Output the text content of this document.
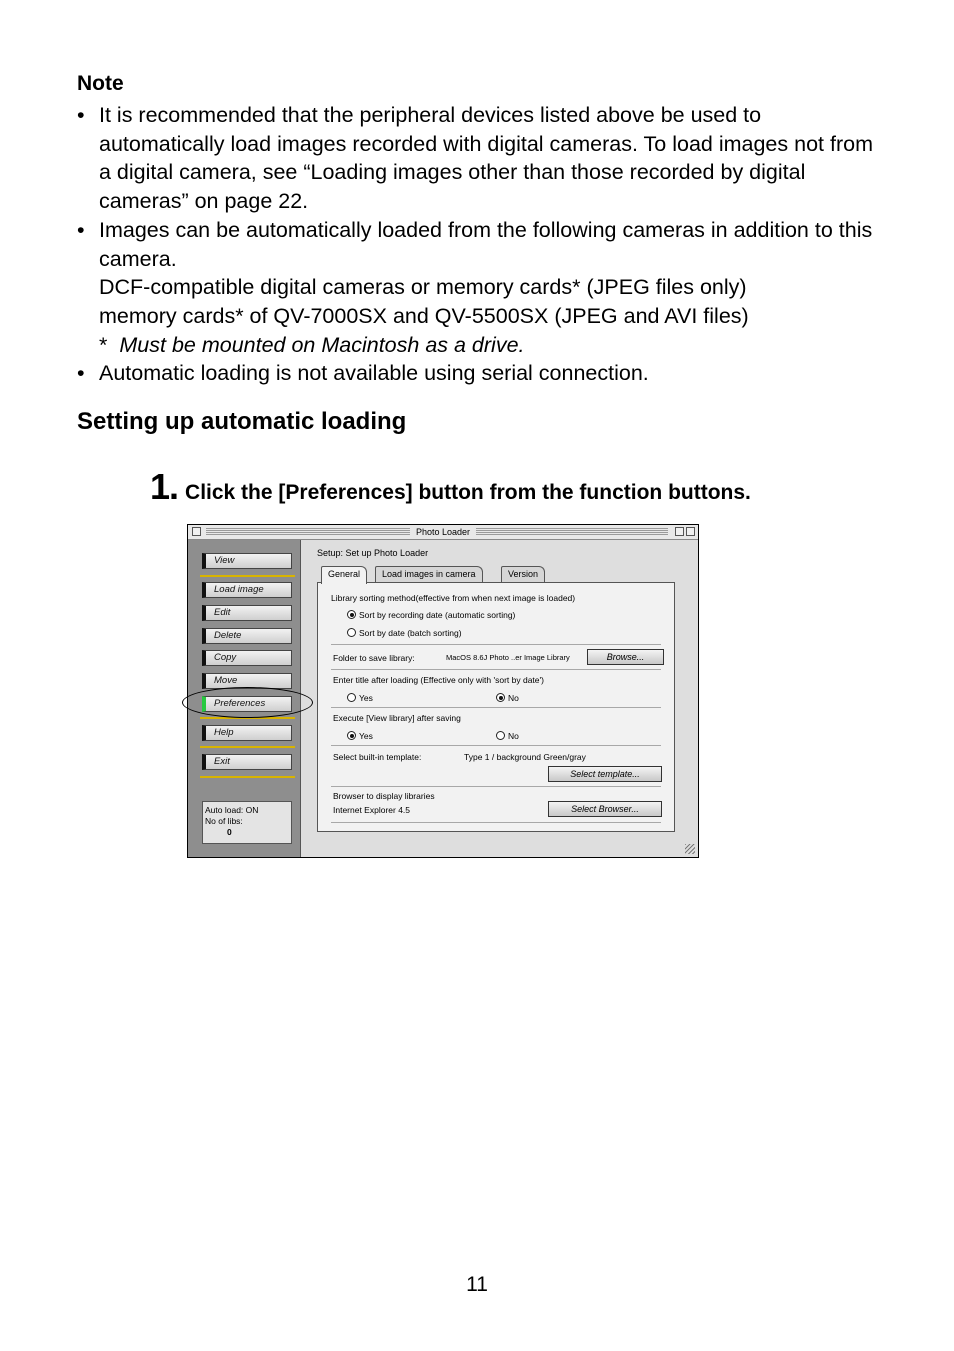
Note
• It is recommended that the peripheral devices listed above be used to automatically load images recorded with digital cameras. To load images not from a digital camera, see “Loading images other than those recorded by digital cameras” on page 22.
• Images can be automatically loaded from the following cameras in addition to this camera.
DCF-compatible digital cameras or memory cards* (JPEG files only)
memory cards* of QV-7000SX and QV-5500SX (JPEG and AVI files)
* Must be mounted on Macintosh as a drive.
• Automatic loading is not available using serial connection.
Setting up automatic loading
1. Click the [Preferences] button from the function buttons.
Photo Loader
View
Load image
Edit
Delete
Copy
Move
Preferences
Help
Exit
Auto load: ON
No of libs:
0
Setup: Set up Photo Loader
General	Load images in camera	Version
Library sorting method(effective from when next image is loaded)
Sort by recording date (automatic sorting)
Sort by date (batch sorting)
Folder to save library:	MacOS 8.6J Photo ..er Image Library	Browse...
Enter title after loading (Effective only with 'sort by date')
Yes	No
Execute [View library] after saving
Yes	No
Select built-in template:	Type 1 / background Green/gray
Select template...
Browser to display libraries
Internet Explorer 4.5	Select Browser...
11
